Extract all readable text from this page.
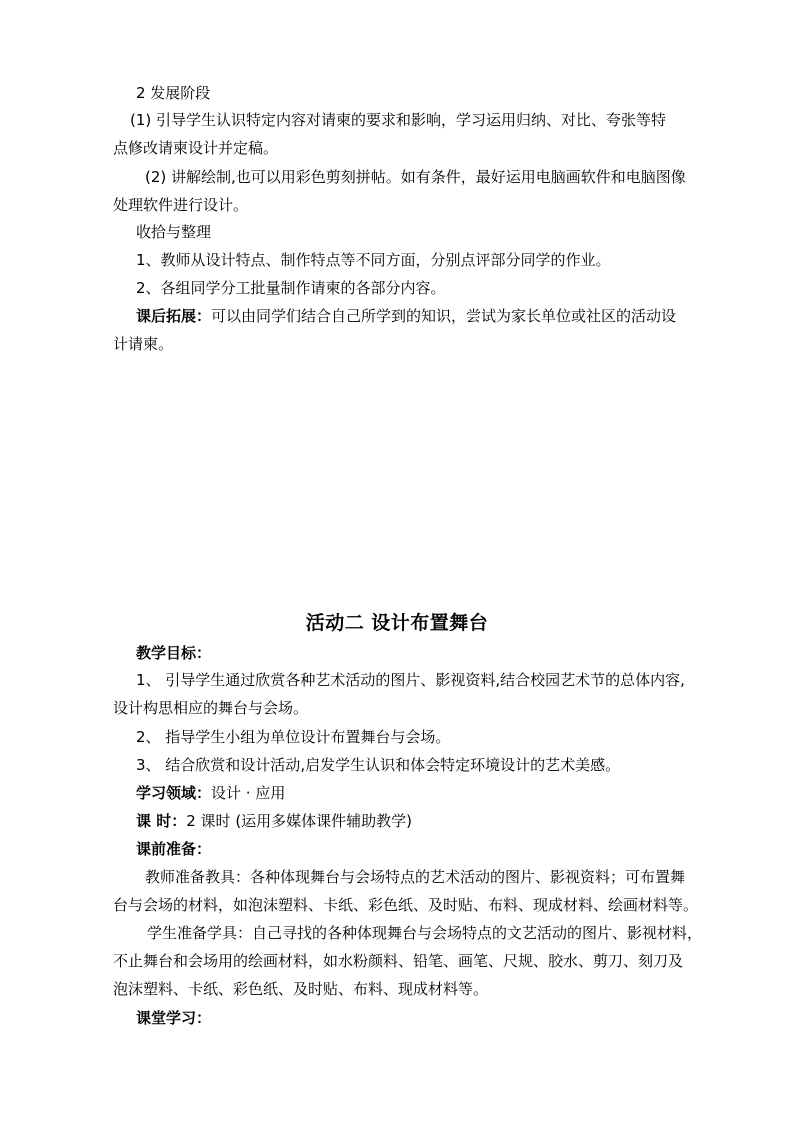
2 发展阶段
(1) 引导学生认识特定内容对请柬的要求和影响，学习运用归纳、对比、夸张等特
点修改请柬设计并定稿。
(2) 讲解绘制,也可以用彩色剪刻拼帖。如有条件，最好运用电脑画软件和电脑图像
处理软件进行设计。
收拾与整理
1、教师从设计特点、制作特点等不同方面，分别点评部分同学的作业。
2、各组同学分工批量制作请柬的各部分内容。
课后拓展：可以由同学们结合自己所学到的知识，尝试为家长单位或社区的活动设
计请柬。
活动二 设计布置舞台
教学目标：
1、 引导学生通过欣赏各种艺术活动的图片、影视资料,结合校园艺术节的总体内容,
设计构思相应的舞台与会场。
2、 指导学生小组为单位设计布置舞台与会场。
3、 结合欣赏和设计活动,启发学生认识和体会特定环境设计的艺术美感。
学习领域：设计 · 应用
课 时：2 课时 (运用多媒体课件辅助教学)
课前准备：
教师准备教具：各种体现舞台与会场特点的艺术活动的图片、影视资料；可布置舞
台与会场的材料，如泡沫塑料、卡纸、彩色纸、及时贴、布料、现成材料、绘画材料等。
学生准备学具：自己寻找的各种体现舞台与会场特点的文艺活动的图片、影视材料，
不止舞台和会场用的绘画材料，如水粉颜料、铅笔、画笔、尺规、胶水、剪刀、刻刀及
泡沫塑料、卡纸、彩色纸、及时贴、布料、现成材料等。
课堂学习：
